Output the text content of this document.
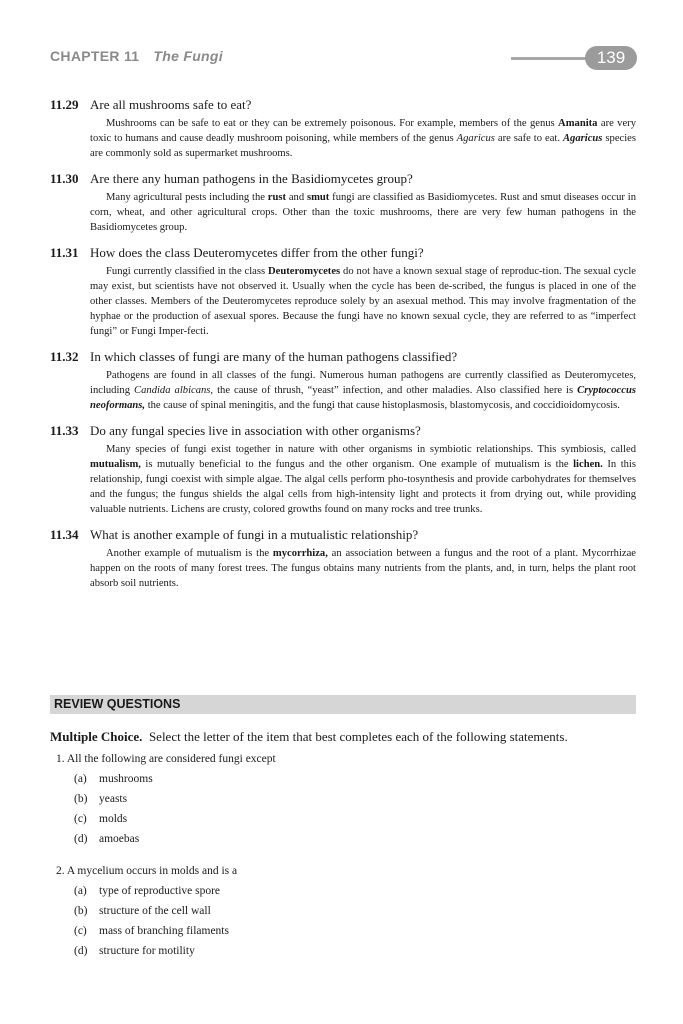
CHAPTER 11 The Fungi	139
11.29 Are all mushrooms safe to eat?
Mushrooms can be safe to eat or they can be extremely poisonous. For example, members of the genus Amanita are very toxic to humans and cause deadly mushroom poisoning, while members of the genus Agaricus are safe to eat. Agaricus species are commonly sold as supermarket mushrooms.
11.30 Are there any human pathogens in the Basidiomycetes group?
Many agricultural pests including the rust and smut fungi are classified as Basidiomycetes. Rust and smut diseases occur in corn, wheat, and other agricultural crops. Other than the toxic mushrooms, there are very few human pathogens in the Basidiomycetes group.
11.31 How does the class Deuteromycetes differ from the other fungi?
Fungi currently classified in the class Deuteromycetes do not have a known sexual stage of reproduc-tion. The sexual cycle may exist, but scientists have not observed it. Usually when the cycle has been de-scribed, the fungus is placed in one of the other classes. Members of the Deuteromycetes reproduce solely by an asexual method. This may involve fragmentation of the hyphae or the production of asexual spores. Because the fungi have no known sexual cycle, they are referred to as “imperfect fungi” or Fungi Imper-fecti.
11.32 In which classes of fungi are many of the human pathogens classified?
Pathogens are found in all classes of the fungi. Numerous human pathogens are currently classified as Deuteromycetes, including Candida albicans, the cause of thrush, “yeast” infection, and other maladies. Also classified here is Cryptococcus neoformans, the cause of spinal meningitis, and the fungi that cause histoplasmosis, blastomycosis, and coccidioidomycosis.
11.33 Do any fungal species live in association with other organisms?
Many species of fungi exist together in nature with other organisms in symbiotic relationships. This symbiosis, called mutualism, is mutually beneficial to the fungus and the other organism. One example of mutualism is the lichen. In this relationship, fungi coexist with simple algae. The algal cells perform pho-tosynthesis and provide carbohydrates for themselves and the fungus; the fungus shields the algal cells from high-intensity light and protects it from drying out, while providing valuable nutrients. Lichens are crusty, colored growths found on many rocks and tree trunks.
11.34 What is another example of fungi in a mutualistic relationship?
Another example of mutualism is the mycorrhiza, an association between a fungus and the root of a plant. Mycorrhizae happen on the roots of many forest trees. The fungus obtains many nutrients from the plants, and, in turn, helps the plant root absorb soil nutrients.
REVIEW QUESTIONS
Multiple Choice. Select the letter of the item that best completes each of the following statements.
1. All the following are considered fungi except
(a) mushrooms
(b) yeasts
(c) molds
(d) amoebas
2. A mycelium occurs in molds and is a
(a) type of reproductive spore
(b) structure of the cell wall
(c) mass of branching filaments
(d) structure for motility
